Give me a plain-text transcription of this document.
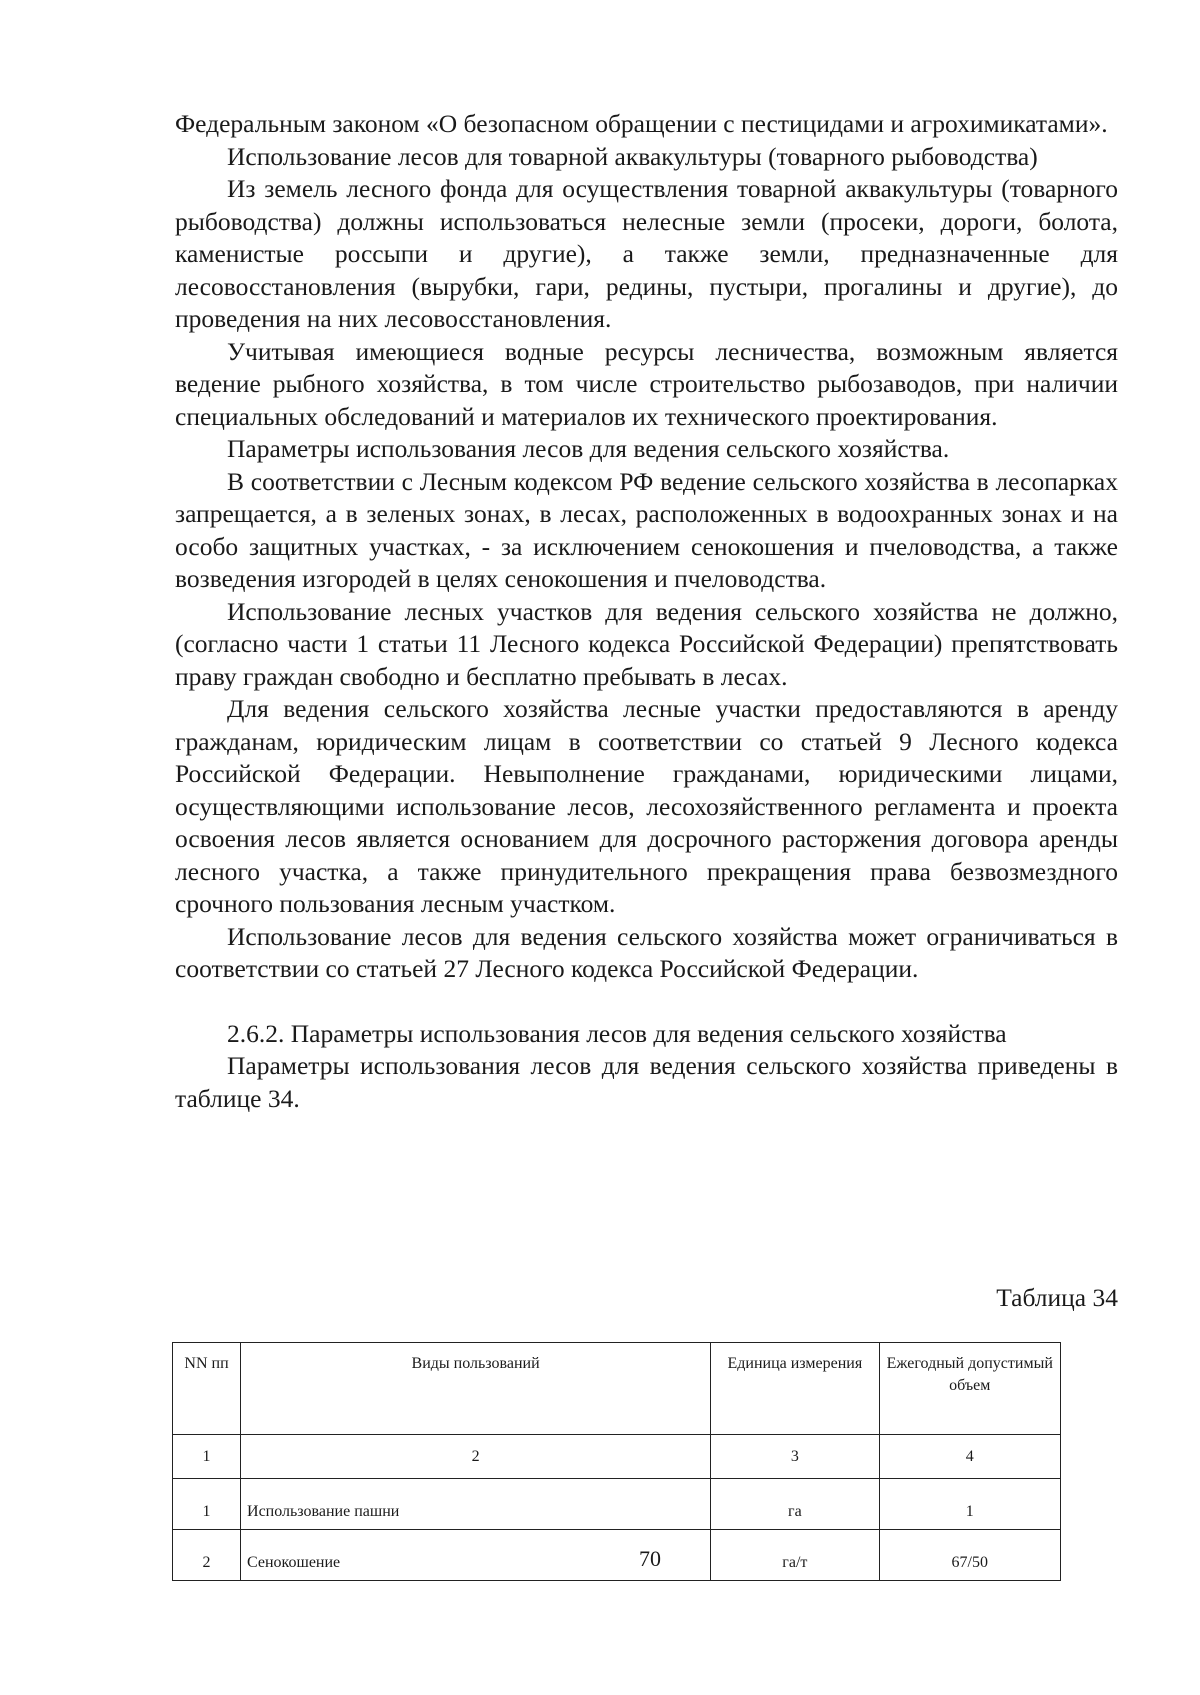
Федеральным законом «О безопасном обращении с пестицидами и агрохимикатами».

Использование лесов для товарной аквакультуры (товарного рыбоводства)

Из земель лесного фонда для осуществления товарной аквакультуры (товарного рыбоводства) должны использоваться нелесные земли (просеки, дороги, болота, каменистые россыпи и другие), а также земли, предназначенные для лесовосстановления (вырубки, гари, редины, пустыри, прогалины и другие), до проведения на них лесовосстановления.

Учитывая имеющиеся водные ресурсы лесничества, возможным является ведение рыбного хозяйства, в том числе строительство рыбозаводов, при наличии специальных обследований и материалов их технического проектирования.

Параметры использования лесов для ведения сельского хозяйства.

В соответствии с Лесным кодексом РФ ведение сельского хозяйства в лесопарках запрещается, а в зеленых зонах, в лесах, расположенных в водоохранных зонах и на особо защитных участках, - за исключением сенокошения и пчеловодства, а также возведения изгородей в целях сенокошения и пчеловодства.

Использование лесных участков для ведения сельского хозяйства не должно, (согласно части 1 статьи 11 Лесного кодекса Российской Федерации) препятствовать праву граждан свободно и бесплатно пребывать в лесах.

Для ведения сельского хозяйства лесные участки предоставляются в аренду гражданам, юридическим лицам в соответствии со статьей 9 Лесного кодекса Российской Федерации. Невыполнение гражданами, юридическими лицами, осуществляющими использование лесов, лесохозяйственного регламента и проекта освоения лесов является основанием для досрочного расторжения договора аренды лесного участка, а также принудительного прекращения права безвозмездного срочного пользования лесным участком.

Использование лесов для ведения сельского хозяйства может ограничиваться в соответствии со статьей 27 Лесного кодекса Российской Федерации.

2.6.2. Параметры использования лесов для ведения сельского хозяйства

Параметры использования лесов для ведения сельского хозяйства приведены в таблице 34.

Таблица 34
NN пп	Виды пользований	Единица измерения	Ежегодный допустимый объем
1	2	3	4
1	Использование пашни	га	1
2	Сенокошение	га/т	67/50
70
